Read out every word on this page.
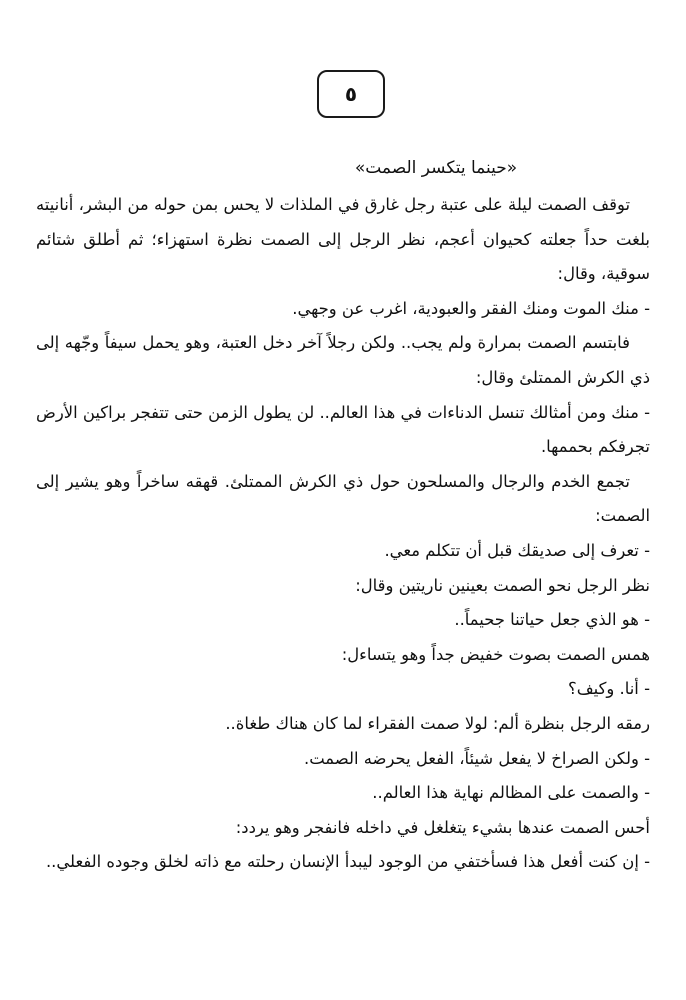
٥
«حينما يتكسر الصمت»

توقف الصمت ليلة على عتبة رجل غارق في الملذات لا يحس بمن حوله من البشر، أنانيته بلغت حداً جعلته كحيوان أعجم، نظر الرجل إلى الصمت نظرة استهزاء؛ ثم أطلق شتائم سوقية، وقال:

- منك الموت ومنك الفقر والعبودية، اغرب عن وجهي.

فابتسم الصمت بمرارة ولم يجب.. ولكن رجلاً آخر دخل العتبة، وهو يحمل سيفاً وجّهه إلى ذي الكرش الممتلئ وقال:

- منك ومن أمثالك تنسل الدناءات في هذا العالم.. لن يطول الزمن حتى تتفجر براكين الأرض تجرفكم بحممها.

تجمع الخدم والرجال والمسلحون حول ذي الكرش الممتلئ. قهقه ساخراً وهو يشير إلى الصمت:

- تعرف إلى صديقك قبل أن تتكلم معي.

نظر الرجل نحو الصمت بعينين ناريتين وقال:

- هو الذي جعل حياتنا جحيماً..

همس الصمت بصوت خفيض جداً وهو يتساءل:

- أنا. وكيف؟

رمقه الرجل بنظرة ألم: لولا صمت الفقراء لما كان هناك طغاة..

- ولكن الصراخ لا يفعل شيئاً، الفعل يحرضه الصمت.

- والصمت على المظالم نهاية هذا العالم..

أحس الصمت عندها بشيء يتغلغل في داخله فانفجر وهو يردد:

- إن كنت أفعل هذا فسأختفي من الوجود ليبدأ الإنسان رحلته مع ذاته لخلق وجوده الفعلي..
